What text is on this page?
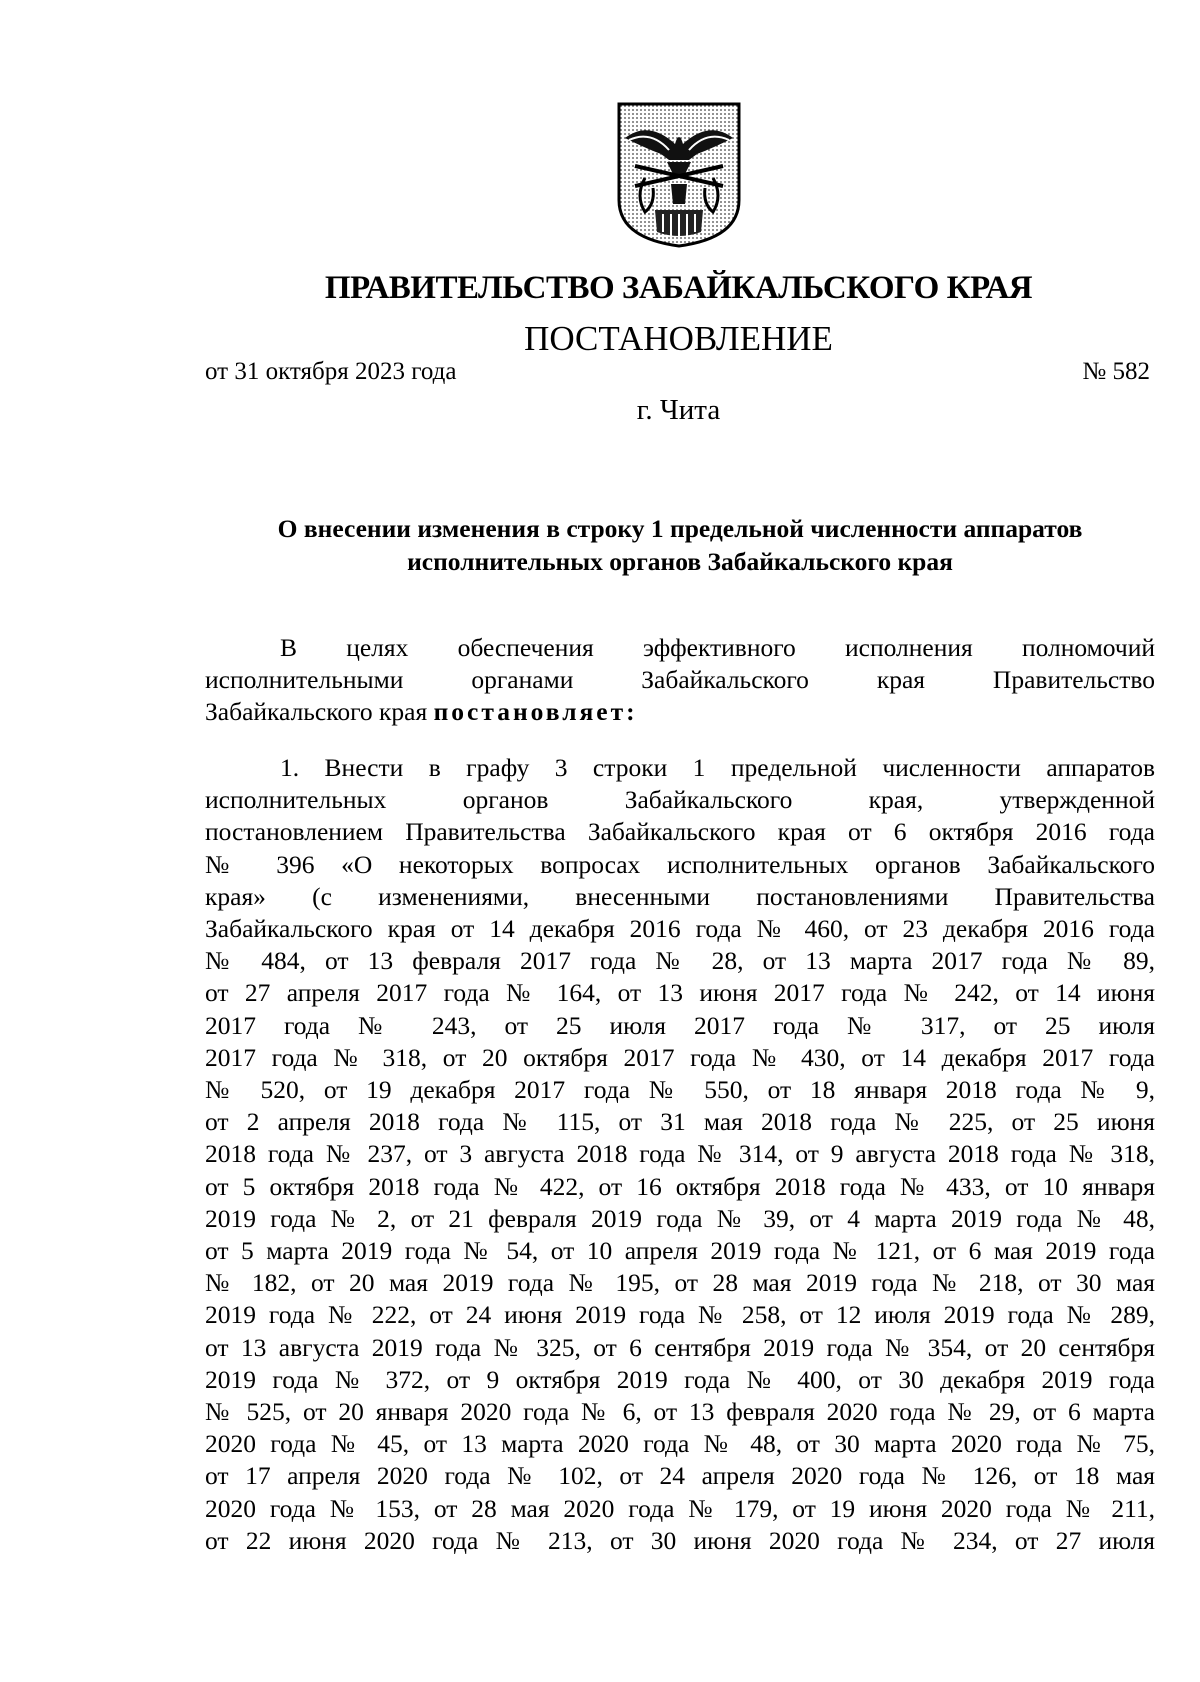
ПРАВИТЕЛЬСТВО ЗАБАЙКАЛЬСКОГО КРАЯ
ПОСТАНОВЛЕНИЕ
от 31 октября 2023 года	№ 582
г. Чита
О внесении изменения в строку 1 предельной численности аппаратов
исполнительных органов Забайкальского края

В целях обеспечения эффективного исполнения полномочий

исполнительными органами Забайкальского края Правительство

Забайкальского края постановляет:

1. Внести в графу 3 строки 1 предельной численности аппаратов

исполнительных органов Забайкальского края, утвержденной

постановлением Правительства Забайкальского края от 6 октября 2016 года

№ 396 «О некоторых вопросах исполнительных органов Забайкальского

края» (с изменениями, внесенными постановлениями Правительства

Забайкальского края от 14 декабря 2016 года № 460, от 23 декабря 2016 года

№ 484, от 13 февраля 2017 года № 28, от 13 марта 2017 года № 89,

от 27 апреля 2017 года № 164, от 13 июня 2017 года № 242, от 14 июня

2017 года № 243, от 25 июля 2017 года № 317, от 25 июля

2017 года № 318, от 20 октября 2017 года № 430, от 14 декабря 2017 года

№ 520, от 19 декабря 2017 года № 550, от 18 января 2018 года № 9,

от 2 апреля 2018 года № 115, от 31 мая 2018 года № 225, от 25 июня

2018 года № 237, от 3 августа 2018 года № 314, от 9 августа 2018 года № 318,

от 5 октября 2018 года № 422, от 16 октября 2018 года № 433, от 10 января

2019 года № 2, от 21 февраля 2019 года № 39, от 4 марта 2019 года № 48,

от 5 марта 2019 года № 54, от 10 апреля 2019 года № 121, от 6 мая 2019 года

№ 182, от 20 мая 2019 года № 195, от 28 мая 2019 года № 218, от 30 мая

2019 года № 222, от 24 июня 2019 года № 258, от 12 июля 2019 года № 289,

от 13 августа 2019 года № 325, от 6 сентября 2019 года № 354, от 20 сентября

2019 года № 372, от 9 октября 2019 года № 400, от 30 декабря 2019 года

№ 525, от 20 января 2020 года № 6, от 13 февраля 2020 года № 29, от 6 марта

2020 года № 45, от 13 марта 2020 года № 48, от 30 марта 2020 года № 75,

от 17 апреля 2020 года № 102, от 24 апреля 2020 года № 126, от 18 мая

2020 года № 153, от 28 мая 2020 года № 179, от 19 июня 2020 года № 211,

от 22 июня 2020 года № 213, от 30 июня 2020 года № 234, от 27 июля
